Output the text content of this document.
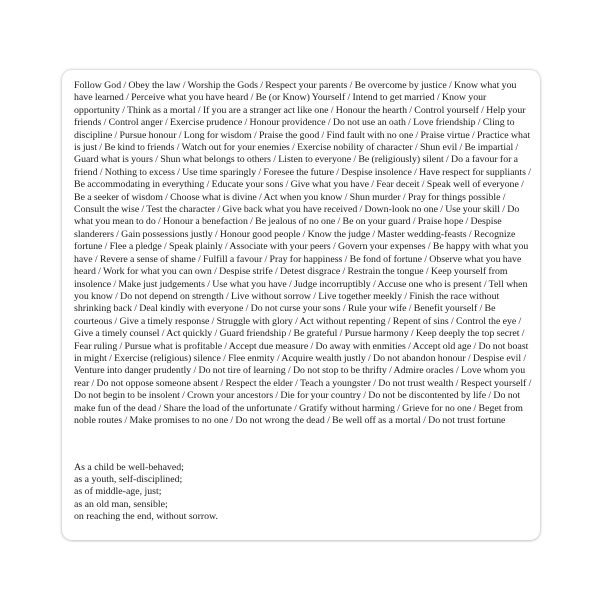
Follow God / Obey the law / Worship the Gods / Respect your parents / Be overcome by justice / Know what you have learned / Perceive what you have heard / Be (or Know) Yourself / Intend to get married / Know your opportunity / Think as a mortal / If you are a stranger act like one / Honour the hearth / Control yourself / Help your friends / Control anger / Exercise prudence / Honour providence / Do not use an oath / Love friendship / Cling to discipline / Pursue honour / Long for wisdom / Praise the good / Find fault with no one / Praise virtue / Practice what is just / Be kind to friends / Watch out for your enemies / Exercise nobility of character / Shun evil / Be impartial / Guard what is yours / Shun what belongs to others / Listen to everyone / Be (religiously) silent / Do a favour for a friend / Nothing to excess / Use time sparingly / Foresee the future / Despise insolence / Have respect for suppliants / Be accommodating in everything / Educate your sons / Give what you have / Fear deceit / Speak well of everyone / Be a seeker of wisdom / Choose what is divine / Act when you know / Shun murder / Pray for things possible / Consult the wise / Test the character / Give back what you have received / Down-look no one / Use your skill / Do what you mean to do / Honour a benefaction / Be jealous of no one / Be on your guard / Praise hope / Despise slanderers / Gain possessions justly / Honour good people / Know the judge / Master wedding-feasts / Recognize fortune / Flee a pledge / Speak plainly / Associate with your peers / Govern your expenses / Be happy with what you have / Revere a sense of shame / Fulfill a favour / Pray for happiness / Be fond of fortune / Observe what you have heard / Work for what you can own / Despise strife / Detest disgrace / Restrain the tongue / Keep yourself from insolence / Make just judgements / Use what you have / Judge incorruptibly / Accuse one who is present / Tell when you know / Do not depend on strength / Live without sorrow / Live together meekly / Finish the race without shrinking back / Deal kindly with everyone / Do not curse your sons / Rule your wife / Benefit yourself / Be courteous / Give a timely response / Struggle with glory / Act without repenting / Repent of sins / Control the eye / Give a timely counsel / Act quickly / Guard friendship / Be grateful / Pursue harmony / Keep deeply the top secret / Fear ruling / Pursue what is profitable / Accept due measure / Do away with enmities / Accept old age / Do not boast in might / Exercise (religious) silence / Flee enmity / Acquire wealth justly / Do not abandon honour / Despise evil / Venture into danger prudently / Do not tire of learning / Do not stop to be thrifty / Admire oracles / Love whom you rear / Do not oppose someone absent / Respect the elder / Teach a youngster / Do not trust wealth / Respect yourself / Do not begin to be insolent / Crown your ancestors / Die for your country / Do not be discontented by life / Do not make fun of the dead / Share the load of the unfortunate / Gratify without harming / Grieve for no one / Beget from noble routes / Make promises to no one / Do not wrong the dead / Be well off as a mortal / Do not trust fortune
As a child be well-behaved;
as a youth, self-disciplined;
as of middle-age, just;
as an old man, sensible;
on reaching the end, without sorrow.
